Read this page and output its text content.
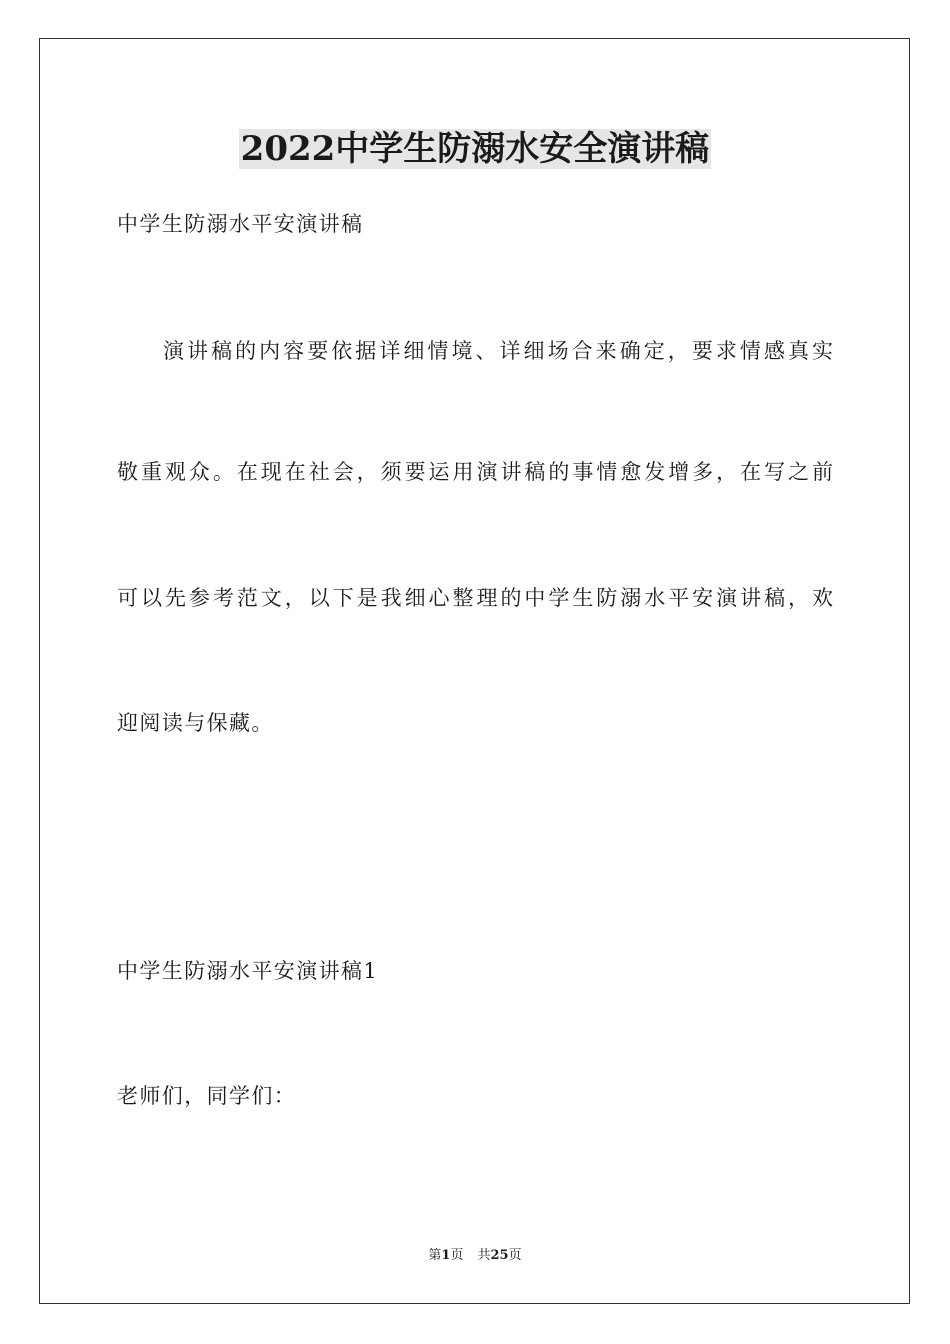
2022中学生防溺水安全演讲稿
中学生防溺水平安演讲稿
演讲稿的内容要依据详细情境、详细场合来确定，要求情感真实
敬重观众。在现在社会，须要运用演讲稿的事情愈发增多，在写之前
可以先参考范文，以下是我细心整理的中学生防溺水平安演讲稿，欢
迎阅读与保藏。
中学生防溺水平安演讲稿1
老师们，同学们：
第1页 共25页
